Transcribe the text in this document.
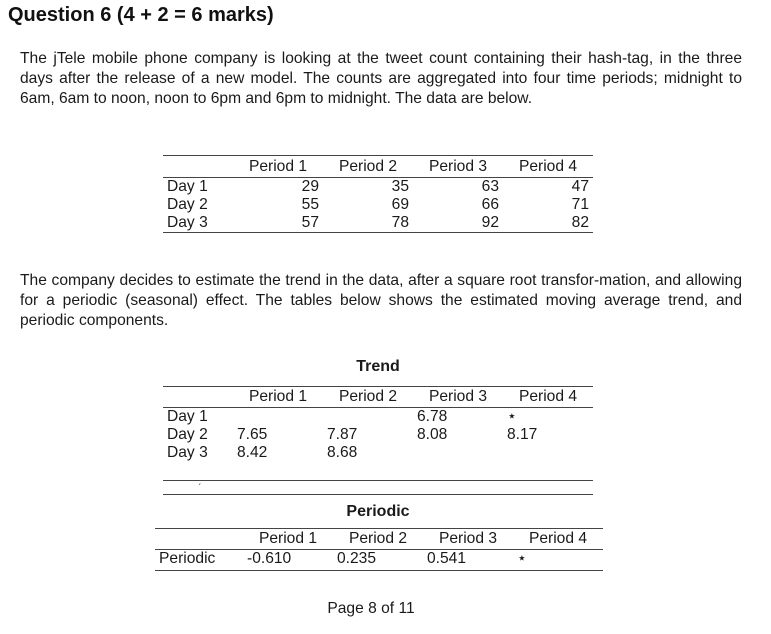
Question 6 (4 + 2 = 6 marks)

The jTele mobile phone company is looking at the tweet count containing their hash-tag, in the three days after the release of a new model. The counts are aggregated into four time periods; midnight to 6am, 6am to noon, noon to 6pm and 6pm to midnight. The data are below.

	Period 1	Period 2	Period 3	Period 4
Day 1	29	35	63	47
Day 2	55	69	66	71
Day 3	57	78	92	82

The company decides to estimate the trend in the data, after a square root transfor-mation, and allowing for a periodic (seasonal) effect. The tables below shows the estimated moving average trend, and periodic components.

Trend
	Period 1	Period 2	Period 3	Period 4
Day 1			6.78	⋆
Day 2	7.65	7.87	8.08	8.17
Day 3	8.42	8.68		
ˊ
Periodic
	Period 1	Period 2	Period 3	Period 4
Periodic	-0.610	0.235	0.541	⋆
Page 8 of 11
